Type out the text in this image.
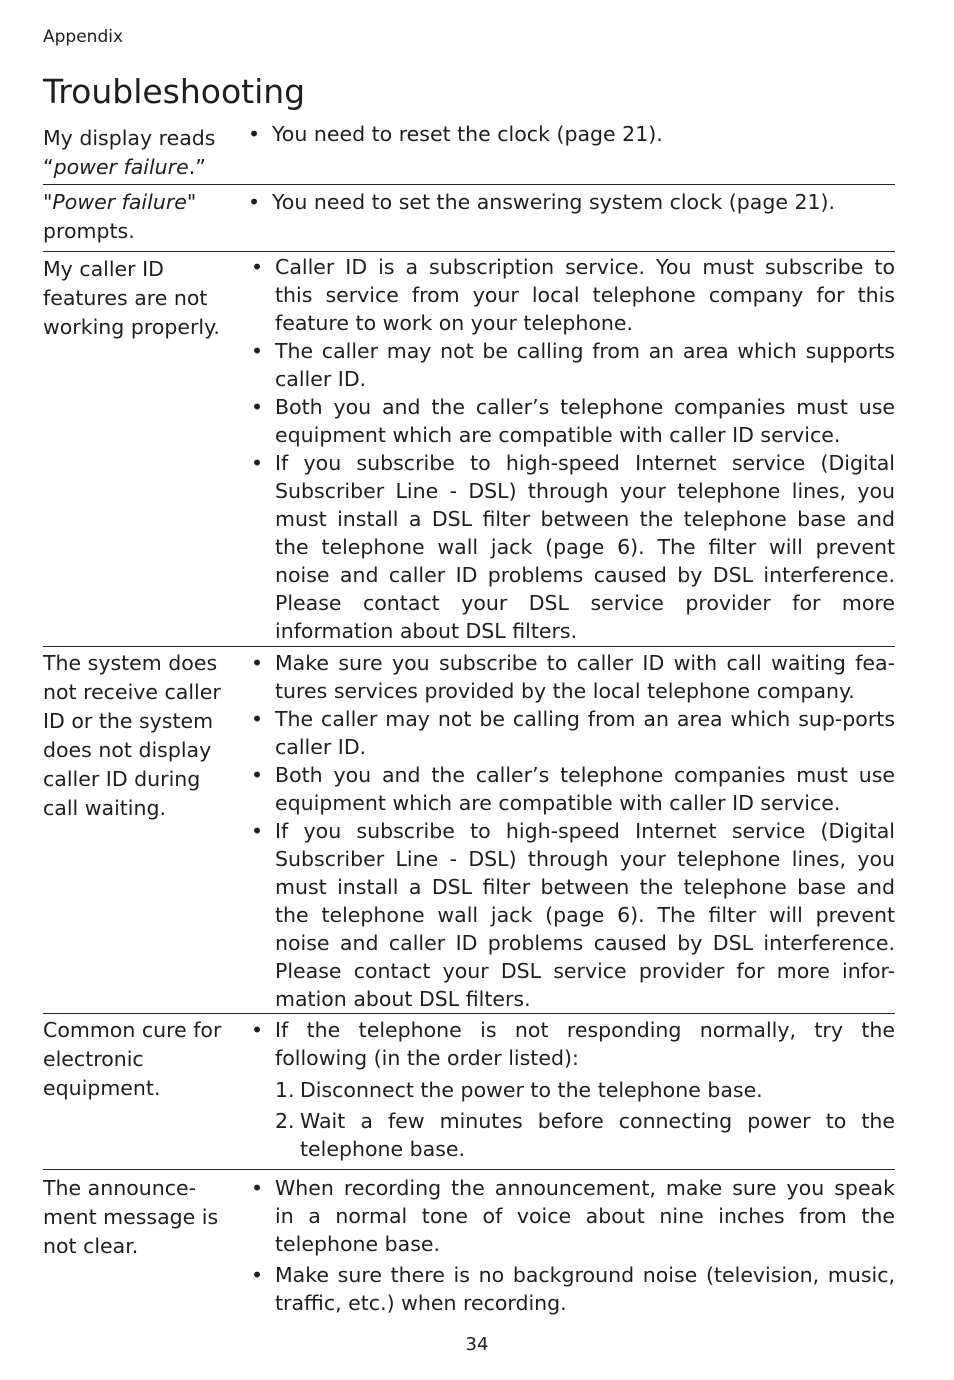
Appendix
Troubleshooting
My display reads “power failure.”
• You need to reset the clock (page 21).
"Power failure" prompts.
• You need to set the answering system clock (page 21).
My caller ID features are not working properly.
• Caller ID is a subscription service. You must subscribe to this service from your local telephone company for this feature to work on your telephone.
• The caller may not be calling from an area which supports caller ID.
• Both you and the caller’s telephone companies must use equipment which are compatible with caller ID service.
• If you subscribe to high-speed Internet service (Digital Subscriber Line - DSL) through your telephone lines, you must install a DSL filter between the telephone base and the telephone wall jack (page 6). The filter will prevent noise and caller ID problems caused by DSL interference. Please contact your DSL service provider for more information about DSL filters.
The system does not receive caller ID or the system does not display caller ID during call waiting.
• Make sure you subscribe to caller ID with call waiting fea-tures services provided by the local telephone company.
• The caller may not be calling from an area which sup-ports caller ID.
• Both you and the caller’s telephone companies must use equipment which are compatible with caller ID service.
• If you subscribe to high-speed Internet service (Digital Subscriber Line - DSL) through your telephone lines, you must install a DSL filter between the telephone base and the telephone wall jack (page 6). The filter will prevent noise and caller ID problems caused by DSL interference. Please contact your DSL service provider for more infor-mation about DSL filters.
Common cure for electronic equipment.
• If the telephone is not responding normally, try the following (in the order listed):

1. Disconnect the power to the telephone base.

2. Wait a few minutes before connecting power to the telephone base.
The announce-ment message is not clear.
• When recording the announcement, make sure you speak in a normal tone of voice about nine inches from the telephone base.
• Make sure there is no background noise (television, music, traffic, etc.) when recording.
34
